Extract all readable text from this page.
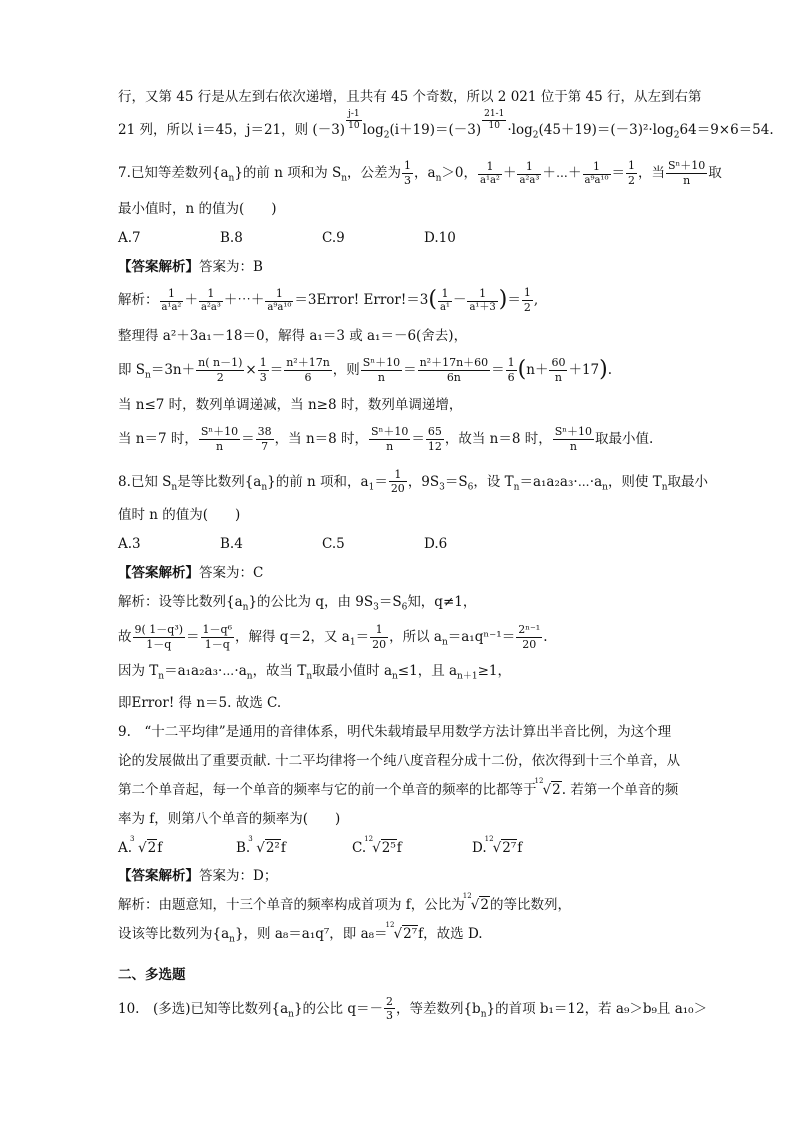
行，又第 45 行是从左到右依次递增，且共有 45 个奇数，所以 2 021 位于第 45 行，从左到右第
21 列，所以 i＝45，j＝21，则 $(-3) \frac{j-1}{10} \log_2(i+19)=(-3) \frac{21-1}{10} \cdot\log_2(45+19)=(-3)^2\cdot\log_264=9\times 6=54$.
7.已知等差数列$\{a_n\}$的前 n 项和为 $S_n$，公差为 $\frac{1}{3}$ ，$a_n>0$， $\frac{1}{\text{a¹a²}} + \frac{1}{\text{a²a³}}$ ＋⋯＋ $\frac{1}{\text{a⁹a¹⁰}} = \frac{1}{2}$ ，当 $\frac{\text{Sⁿ＋10}}{n}$ 取
最小值时，n 的值为(　　)
A.7	B.8	C.9	D.10
【答案解析】答案为：B
解析： $\frac{1}{\text{a¹a²}} + \frac{1}{\text{a²a³}}$ ＋⋯＋ $\frac{1}{\text{a⁹a¹⁰}}$ ＝3Error! Error!＝3( $\frac{1}{\text{a¹}} - \frac{1}{\text{a¹＋3}}$ )＝ $\frac{1}{2}$ ,
整理得 a²＋3a₁－18＝0，解得 a₁＝3 或 a₁＝－6(舍去)，
即 $S_n=3n+ \frac{n( n-1)}{2} \times \frac{1}{3} = \frac{\text{n²＋17n}}{6}$ ，则 $\frac{\text{Sⁿ＋10}}{n} = \frac{\text{n²＋17n＋60}}{6n} = \frac{1}{6} (n+ \frac{60}{n} +17)$.
当 n≤7 时，数列单调递减，当 n≥8 时，数列单调递增，
当 n＝7 时， $\frac{\text{Sⁿ＋10}}{n} = \frac{38}{7}$ ，当 n＝8 时， $\frac{\text{Sⁿ＋10}}{n} = \frac{65}{12}$ ，故当 n＝8 时， $\frac{\text{Sⁿ＋10}}{n}$ 取最小值.
8.已知 $S_n$是等比数列$\{a_n\}$的前 n 项和，$a_1= \frac{1}{20}$ ，$9S_3=S_6$，设 $T_n=a_1a_2a_3\cdot\cdots\cdot a_n$，则使 $T_n$取最小
值时 n 的值为(　　)
A.3	B.4	C.5	D.6
【答案解析】答案为：C
解析：设等比数列$\{a_n\}$的公比为 q，由 $9S_3=S_6$知，q≠1，
故 $\frac{\text{9( 1－q³)}}{1-q} = \frac{\text{1－q⁶}}{1-q}$ ，解得 q＝2，又 $a_1= \frac{1}{20}$ ，所以 $a_n=a_1q^{n-1}= \frac{\text{2ⁿ⁻¹}}{20}$ .
因为 $T_n=a_1a_2a_3\cdot\cdots\cdot a_n$，故当 $T_n$取最小值时 $a_n\le 1$，且 $a_{n+1}\ge 1$，
即Error! 得 n＝5. 故选 C.
9.　“十二平均律”是通用的音律体系，明代朱载堉最早用数学方法计算出半音比例，为这个理
论的发展做出了重要贡献. 十二平均律将一个纯八度音程分成十二份，依次得到十三个单音，从
第二个单音起，每一个单音的频率与它的前一个单音的频率的比都等于
12
√2. 若第一个单音的频
率为 f，则第八个单音的频率为(　　)
A.
3
√2f	B.
3
√2²f	C.
12
√2⁵f	D.
12
√2⁷f
【答案解析】答案为：D；
解析：由题意知，十三个单音的频率构成首项为 f，公比为
12
√2的等比数列，
设该等比数列为$\{a_n\}$，则 a₈＝a₁q⁷，即 a₈＝
12
√2⁷f，故选 D.
二、多选题
10.　(多选)已知等比数列$\{a_n\}$的公比 $q=- \frac{2}{3}$ ，等差数列$\{b_n\}$的首项 b₁＝12，若 a₉＞b₉且 a₁₀＞
